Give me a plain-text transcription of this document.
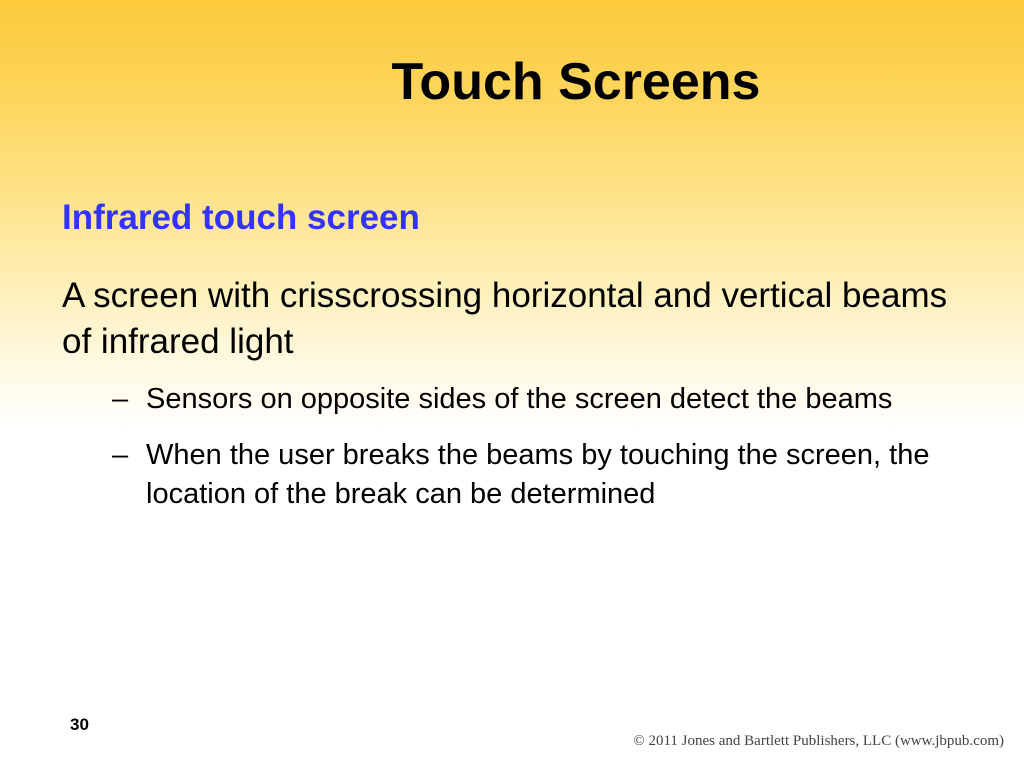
Touch Screens
Infrared touch screen
A screen with crisscrossing horizontal and vertical beams of infrared light
– Sensors on opposite sides of the screen detect the beams
– When the user breaks the beams by touching the screen, the location of the break can be determined
30
© 2011 Jones and Bartlett Publishers, LLC (www.jbpub.com)
